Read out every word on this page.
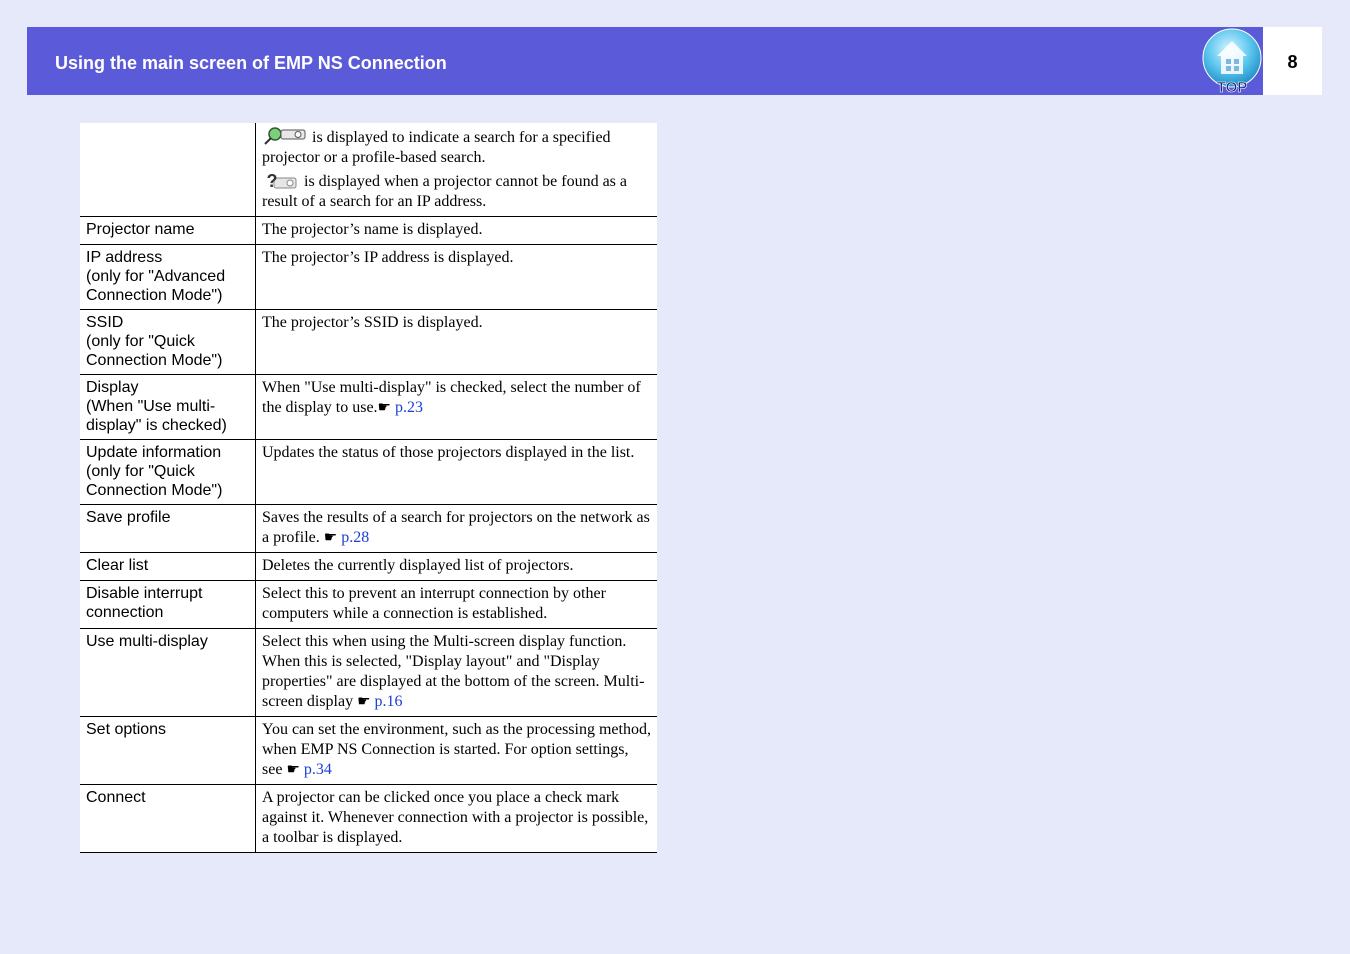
Using the main screen of EMP NS Connection
TOP
8

	is displayed to indicate a search for a specified projector or a profile-based search.
? is displayed when a projector cannot be found as a result of a search for an IP address.

Projector name	The projector’s name is displayed.

IP address
(only for "Advanced
Connection Mode")	The projector’s IP address is displayed.

SSID
(only for "Quick
Connection Mode")	The projector’s SSID is displayed.

Display
(When "Use multi-
display" is checked)	When "Use multi-display" is checked, select the number of the display to use.☛ p.23

Update information
(only for "Quick
Connection Mode")	Updates the status of those projectors displayed in the list.
Save profile	Saves the results of a search for projectors on the network as a profile. ☛ p.28
Clear list	Deletes the currently displayed list of projectors.

Disable interrupt
connection	Select this to prevent an interrupt connection by other computers while a connection is established.
Use multi-display	Select this when using the Multi-screen display function. When this is selected, "Display layout" and "Display properties" are displayed at the bottom of the screen. Multi-screen display ☛ p.16
Set options	You can set the environment, such as the processing method, when EMP NS Connection is started. For option settings, see ☛ p.34
Connect	A projector can be clicked once you place a check mark against it. Whenever connection with a projector is possible, a toolbar is displayed.
